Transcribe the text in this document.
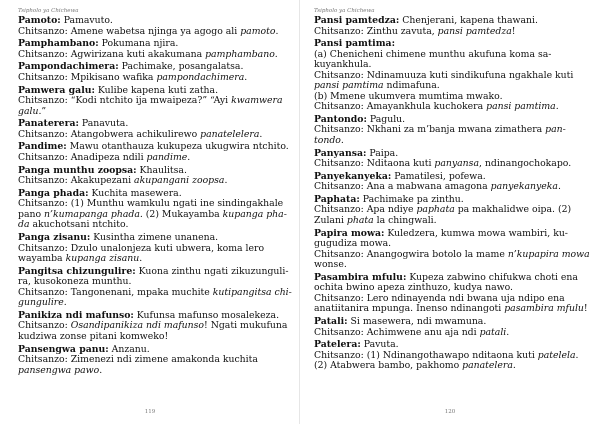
Tsipholo ya Chichewa
Pamoto: Pamavuto.
Chitsanzo: Amene wabetsa njinga ya agogo ali pamoto.
Pamphambano: Pokumana njira.
Chitsanzo: Agwirizana kuti akakumana pamphambano.
Pampondachimera: Pachimake, posangalatsa.
Chitsanzo: Mpikisano wafika pampondachimera.
Pamwera galu: Kulibe kapena kuti zatha.
Chitsanzo: “Kodi ntchito ija mwaipeza?” “Ayi kwamwera
galu.”
Panaterera: Panavuta.
Chitsanzo: Atangobwera achikulirewo panatelelera.
Pandime: Mawu otanthauza kukupeza ukugwira ntchito.
Chitsanzo: Anadipeza ndili pandime.
Panga munthu zoopsa: Khaulitsa.
Chitsanzo: Akakupezani akupangani zoopsa.
Panga phada: Kuchita masewera.
Chitsanzo: (1) Munthu wamkulu ngati ine sindingakhale
pano n’kumapanga phada. (2) Mukayamba kupanga pha-
da akuchotsani ntchito.
Panga zisanu: Kusintha zimene unanena.
Chitsanzo: Dzulo unalonjeza kuti ubwera, koma lero
wayamba kupanga zisanu.
Pangitsa chizungulire: Kuona zinthu ngati zikuzunguli-
ra, kusokoneza munthu.
Chitsanzo: Tangonenani, mpaka muchite kutipangitsa chi-
gungulire.
Panikiza ndi mafunso: Kufunsa mafunso mosalekeza.
Chitsanzo: Osandipanikiza ndi mafunso! Ngati mukufuna
kudziwa zonse pitani komweko!
Pansengwa panu: Anzanu.
Chitsanzo: Zimenezi ndi zimene amakonda kuchita
pansengwa pawo.
119
Tsipholo ya Chichewa
Pansi pamtedza: Chenjerani, kapena thawani.
Chitsanzo: Zinthu zavuta, pansi pamtedza!
Pansi pamtima:
(a) Chenicheni chimene munthu akufuna koma sa-
kuyankhula.
Chitsanzo: Ndinamuuza kuti sindikufuna ngakhale kuti
pansi pamtima ndimafuna.
(b) Mmene ukumvera mumtima mwako.
Chitsanzo: Amayankhula kuchokera pansi pamtima.
Pantondo: Pagulu.
Chitsanzo: Nkhani za m’banja mwana zimathera pan-
tondo.
Panyansa: Paipa.
Chitsanzo: Nditaona kuti panyansa, ndinangochokapo.
Panyekanyeka: Pamatilesi, pofewa.
Chitsanzo: Ana a mabwana amagona panyekanyeka.
Paphata: Pachimake pa zinthu.
Chitsanzo: Apa ndiye paphata pa makhalidwe oipa. (2)
Zulani phata la chingwali.
Papira mowa: Kuledzera, kumwa mowa wambiri, ku-
gugudiza mowa.
Chitsanzo: Anangogwira botolo la mame n’kupapira mowa
wonse.
Pasambira mfulu: Kupeza zabwino chifukwa choti ena
ochita bwino apeza zinthuzo, kudya nawo.
Chitsanzo: Lero ndinayenda ndi bwana uja ndipo ena
anatiitanira mpunga. Inenso ndinangoti pasambira mfulu!
Patali: Si masewera, ndi mwamuna.
Chitsanzo: Achimwene anu aja ndi patali.
Patelera: Pavuta.
Chitsanzo: (1) Ndinangothawapo nditaona kuti patelela.
(2) Atabwera bambo, pakhomo panatelera.
120
